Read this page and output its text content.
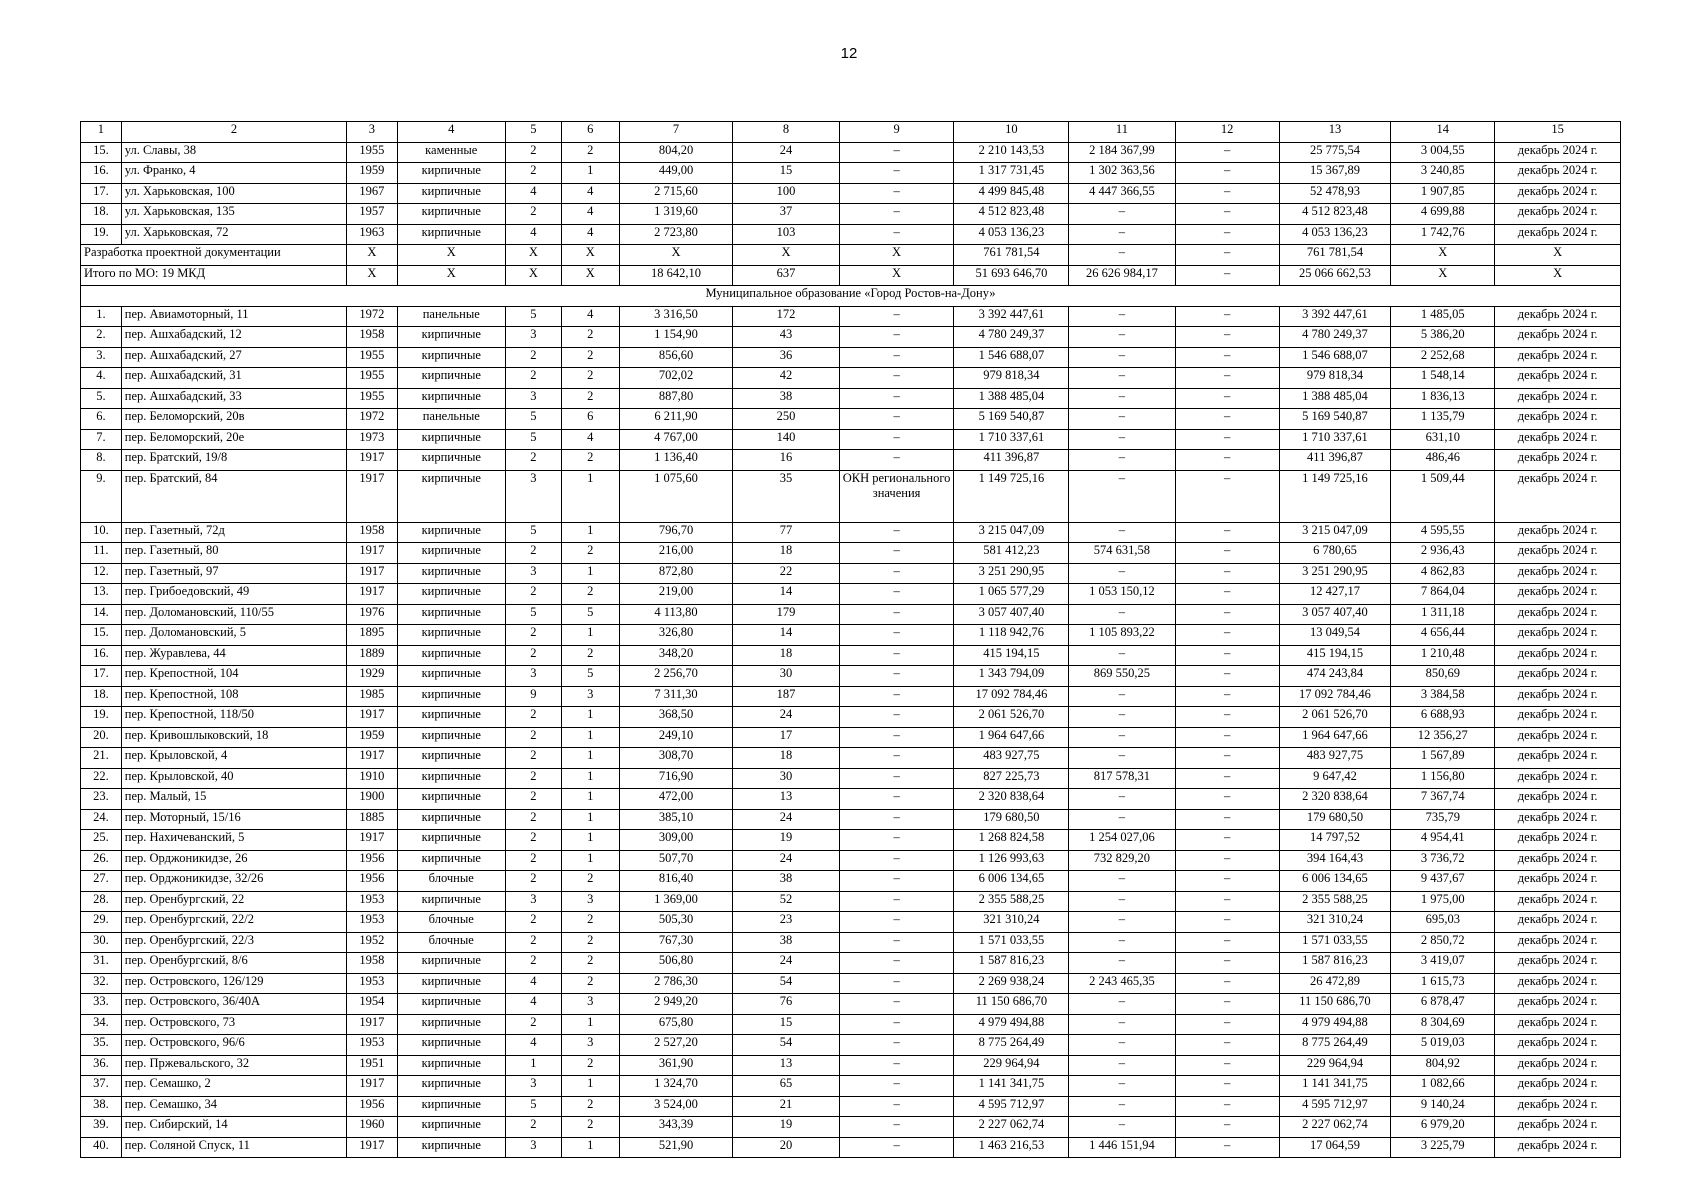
12
1	2	3	4	5	6	7	8	9	10	11	12	13	14	15
15.	ул. Славы, 38	1955	каменные	2	2	804,20	24	–	2 210 143,53	2 184 367,99	–	25 775,54	3 004,55	декабрь 2024 г.
16.	ул. Франко, 4	1959	кирпичные	2	1	449,00	15	–	1 317 731,45	1 302 363,56	–	15 367,89	3 240,85	декабрь 2024 г.
17.	ул. Харьковская, 100	1967	кирпичные	4	4	2 715,60	100	–	4 499 845,48	4 447 366,55	–	52 478,93	1 907,85	декабрь 2024 г.
18.	ул. Харьковская, 135	1957	кирпичные	2	4	1 319,60	37	–	4 512 823,48	–	–	4 512 823,48	4 699,88	декабрь 2024 г.
19.	ул. Харьковская, 72	1963	кирпичные	4	4	2 723,80	103	–	4 053 136,23	–	–	4 053 136,23	1 742,76	декабрь 2024 г.
Разработка проектной документации		X	X	X	X	X	X	X	761 781,54	–	–	761 781,54	X	X
Итого по МО: 19 МКД		X	X	X	X	18 642,10	637	X	51 693 646,70	26 626 984,17	–	25 066 662,53	X	X
Муниципальное образование «Город Ростов-на-Дону»														
1.	пер. Авиамоторный, 11	1972	панельные	5	4	3 316,50	172	–	3 392 447,61	–	–	3 392 447,61	1 485,05	декабрь 2024 г.
2.	пер. Ашхабадский, 12	1958	кирпичные	3	2	1 154,90	43	–	4 780 249,37	–	–	4 780 249,37	5 386,20	декабрь 2024 г.
3.	пер. Ашхабадский, 27	1955	кирпичные	2	2	856,60	36	–	1 546 688,07	–	–	1 546 688,07	2 252,68	декабрь 2024 г.
4.	пер. Ашхабадский, 31	1955	кирпичные	2	2	702,02	42	–	979 818,34	–	–	979 818,34	1 548,14	декабрь 2024 г.
5.	пер. Ашхабадский, 33	1955	кирпичные	3	2	887,80	38	–	1 388 485,04	–	–	1 388 485,04	1 836,13	декабрь 2024 г.
6.	пер. Беломорский, 20в	1972	панельные	5	6	6 211,90	250	–	5 169 540,87	–	–	5 169 540,87	1 135,79	декабрь 2024 г.
7.	пер. Беломорский, 20е	1973	кирпичные	5	4	4 767,00	140	–	1 710 337,61	–	–	1 710 337,61	631,10	декабрь 2024 г.
8.	пер. Братский, 19/8	1917	кирпичные	2	2	1 136,40	16	–	411 396,87	–	–	411 396,87	486,46	декабрь 2024 г.
9.	пер. Братский, 84	1917	кирпичные	3	1	1 075,60	35	ОКН регионального значения	1 149 725,16	–	–	1 149 725,16	1 509,44	декабрь 2024 г.
10.	пер. Газетный, 72д	1958	кирпичные	5	1	796,70	77	–	3 215 047,09	–	–	3 215 047,09	4 595,55	декабрь 2024 г.
11.	пер. Газетный, 80	1917	кирпичные	2	2	216,00	18	–	581 412,23	574 631,58	–	6 780,65	2 936,43	декабрь 2024 г.
12.	пер. Газетный, 97	1917	кирпичные	3	1	872,80	22	–	3 251 290,95	–	–	3 251 290,95	4 862,83	декабрь 2024 г.
13.	пер. Грибоедовский, 49	1917	кирпичные	2	2	219,00	14	–	1 065 577,29	1 053 150,12	–	12 427,17	7 864,04	декабрь 2024 г.
14.	пер. Доломановский, 110/55	1976	кирпичные	5	5	4 113,80	179	–	3 057 407,40	–	–	3 057 407,40	1 311,18	декабрь 2024 г.
15.	пер. Доломановский, 5	1895	кирпичные	2	1	326,80	14	–	1 118 942,76	1 105 893,22	–	13 049,54	4 656,44	декабрь 2024 г.
16.	пер. Журавлева, 44	1889	кирпичные	2	2	348,20	18	–	415 194,15	–	–	415 194,15	1 210,48	декабрь 2024 г.
17.	пер. Крепостной, 104	1929	кирпичные	3	5	2 256,70	30	–	1 343 794,09	869 550,25	–	474 243,84	850,69	декабрь 2024 г.
18.	пер. Крепостной, 108	1985	кирпичные	9	3	7 311,30	187	–	17 092 784,46	–	–	17 092 784,46	3 384,58	декабрь 2024 г.
19.	пер. Крепостной, 118/50	1917	кирпичные	2	1	368,50	24	–	2 061 526,70	–	–	2 061 526,70	6 688,93	декабрь 2024 г.
20.	пер. Кривошлыковский, 18	1959	кирпичные	2	1	249,10	17	–	1 964 647,66	–	–	1 964 647,66	12 356,27	декабрь 2024 г.
21.	пер. Крыловской, 4	1917	кирпичные	2	1	308,70	18	–	483 927,75	–	–	483 927,75	1 567,89	декабрь 2024 г.
22.	пер. Крыловской, 40	1910	кирпичные	2	1	716,90	30	–	827 225,73	817 578,31	–	9 647,42	1 156,80	декабрь 2024 г.
23.	пер. Малый, 15	1900	кирпичные	2	1	472,00	13	–	2 320 838,64	–	–	2 320 838,64	7 367,74	декабрь 2024 г.
24.	пер. Моторный, 15/16	1885	кирпичные	2	1	385,10	24	–	179 680,50	–	–	179 680,50	735,79	декабрь 2024 г.
25.	пер. Нахичеванский, 5	1917	кирпичные	2	1	309,00	19	–	1 268 824,58	1 254 027,06	–	14 797,52	4 954,41	декабрь 2024 г.
26.	пер. Орджоникидзе, 26	1956	кирпичные	2	1	507,70	24	–	1 126 993,63	732 829,20	–	394 164,43	3 736,72	декабрь 2024 г.
27.	пер. Орджоникидзе, 32/26	1956	блочные	2	2	816,40	38	–	6 006 134,65	–	–	6 006 134,65	9 437,67	декабрь 2024 г.
28.	пер. Оренбургский, 22	1953	кирпичные	3	3	1 369,00	52	–	2 355 588,25	–	–	2 355 588,25	1 975,00	декабрь 2024 г.
29.	пер. Оренбургский, 22/2	1953	блочные	2	2	505,30	23	–	321 310,24	–	–	321 310,24	695,03	декабрь 2024 г.
30.	пер. Оренбургский, 22/3	1952	блочные	2	2	767,30	38	–	1 571 033,55	–	–	1 571 033,55	2 850,72	декабрь 2024 г.
31.	пер. Оренбургский, 8/6	1958	кирпичные	2	2	506,80	24	–	1 587 816,23	–	–	1 587 816,23	3 419,07	декабрь 2024 г.
32.	пер. Островского, 126/129	1953	кирпичные	4	2	2 786,30	54	–	2 269 938,24	2 243 465,35	–	26 472,89	1 615,73	декабрь 2024 г.
33.	пер. Островского, 36/40А	1954	кирпичные	4	3	2 949,20	76	–	11 150 686,70	–	–	11 150 686,70	6 878,47	декабрь 2024 г.
34.	пер. Островского, 73	1917	кирпичные	2	1	675,80	15	–	4 979 494,88	–	–	4 979 494,88	8 304,69	декабрь 2024 г.
35.	пер. Островского, 96/6	1953	кирпичные	4	3	2 527,20	54	–	8 775 264,49	–	–	8 775 264,49	5 019,03	декабрь 2024 г.
36.	пер. Пржевальского, 32	1951	кирпичные	1	2	361,90	13	–	229 964,94	–	–	229 964,94	804,92	декабрь 2024 г.
37.	пер. Семашко, 2	1917	кирпичные	3	1	1 324,70	65	–	1 141 341,75	–	–	1 141 341,75	1 082,66	декабрь 2024 г.
38.	пер. Семашко, 34	1956	кирпичные	5	2	3 524,00	21	–	4 595 712,97	–	–	4 595 712,97	9 140,24	декабрь 2024 г.
39.	пер. Сибирский, 14	1960	кирпичные	2	2	343,39	19	–	2 227 062,74	–	–	2 227 062,74	6 979,20	декабрь 2024 г.
40.	пер. Соляной Спуск, 11	1917	кирпичные	3	1	521,90	20	–	1 463 216,53	1 446 151,94	–	17 064,59	3 225,79	декабрь 2024 г.
